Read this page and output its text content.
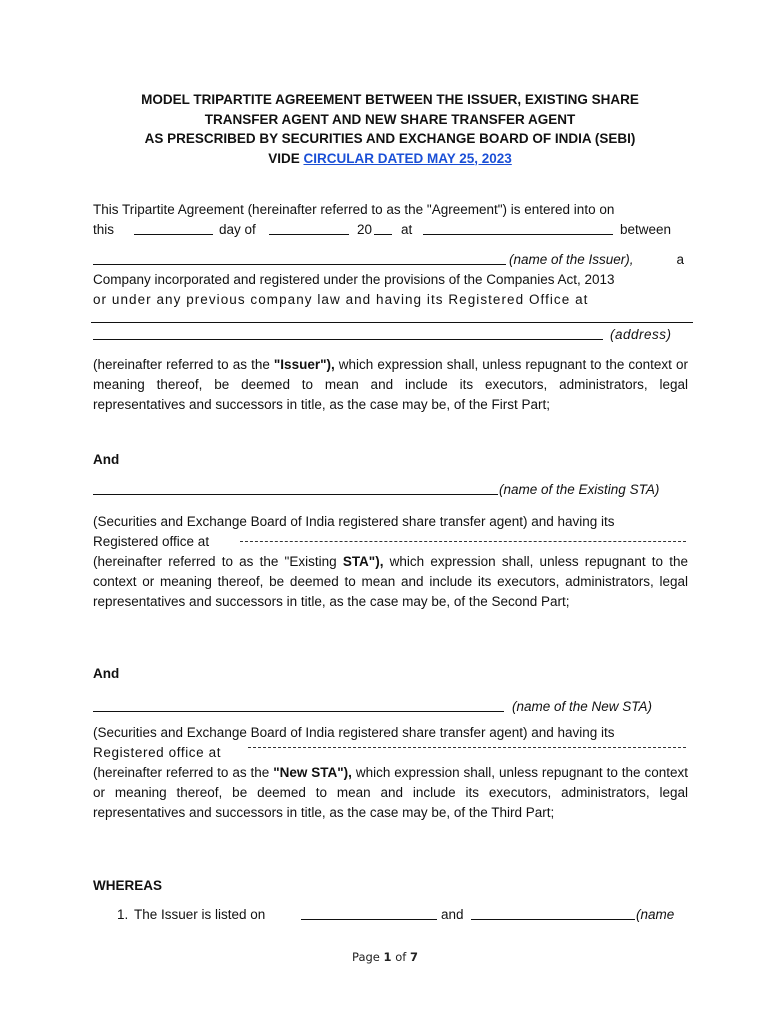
MODEL TRIPARTITE AGREEMENT BETWEEN THE ISSUER, EXISTING SHARE
TRANSFER AGENT AND NEW SHARE TRANSFER AGENT
AS PRESCRIBED BY SECURITIES AND EXCHANGE BOARD OF INDIA (SEBI)
VIDE CIRCULAR DATED MAY 25, 2023
This Tripartite Agreement (hereinafter referred to as the "Agreement") is entered into on
this	day of	20 at	between
(name of the Issuer),	a
Company incorporated and registered under the provisions of the Companies Act, 2013
or under any previous company law and having its Registered Office at
(address)

(hereinafter referred to as the "Issuer"), which expression shall, unless repugnant to the context or meaning thereof, be deemed to mean and include its executors, administrators, legal representatives and successors in title, as the case may be, of the First Part;

And
(name of the Existing STA)
(Securities and Exchange Board of India registered share transfer agent) and having its
Registered office at

(hereinafter referred to as the "Existing STA"), which expression shall, unless repugnant to the context or meaning thereof, be deemed to mean and include its executors, administrators, legal representatives and successors in title, as the case may be, of the Second Part;

And
(name of the New STA)
(Securities and Exchange Board of India registered share transfer agent) and having its
Registered office at

(hereinafter referred to as the "New STA"), which expression shall, unless repugnant to the context or meaning thereof, be deemed to mean and include its executors, administrators, legal representatives and successors in title, as the case may be, of the Third Part;

WHEREAS
1. The Issuer is listed on	and	(name
Page 1 of 7
